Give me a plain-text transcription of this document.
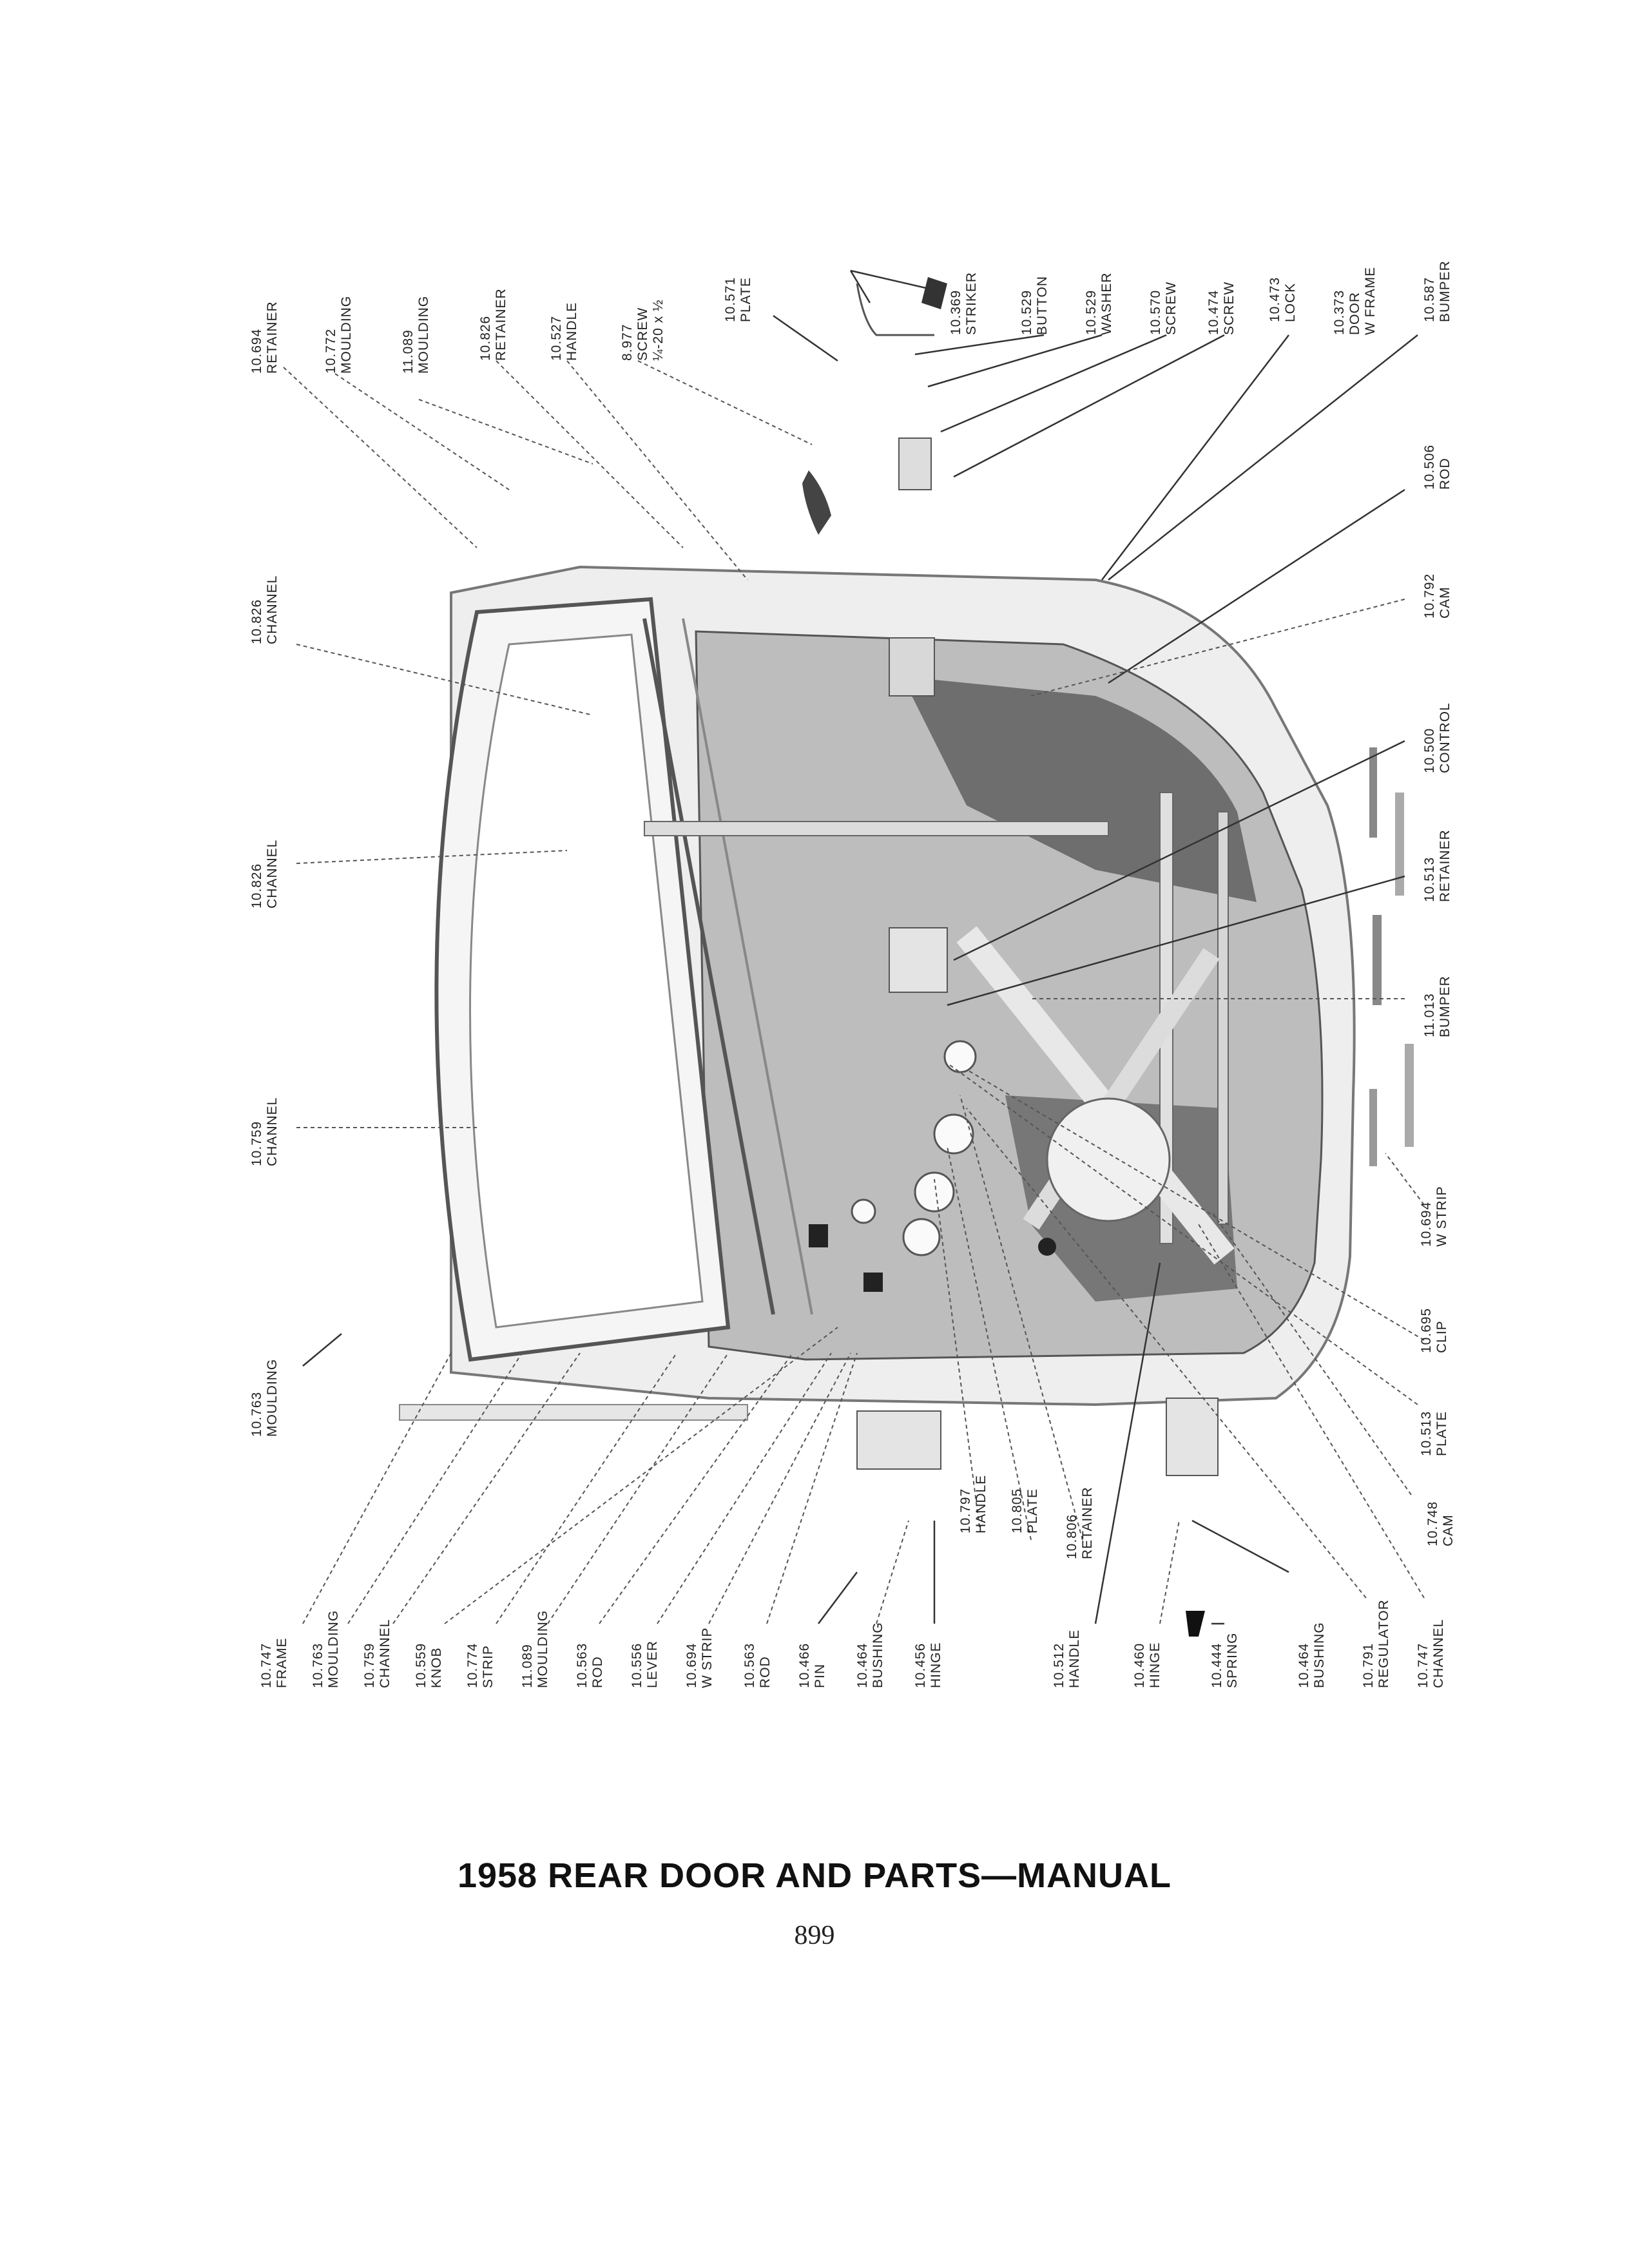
10.694RETAINER	10.772MOULDING	11.089MOULDING	10.826RETAINER	10.527HANDLE	8.977SCREW¼-20 x ½	10.571PLATE	10.369STRIKER	10.529BUTTON	10.529WASHER	10.570SCREW 10.474SCREW 10.473LOCK	10.373DOORW FRAME	10.587BUMPER
10.506ROD
10.792CAM
10.500CONTROL
10.513RETAINER
11.013BUMPER
10.694W STRIP
10.695CLIP
10.513PLATE
10.748CAM
10.826CHANNEL
10.826CHANNEL
10.759CHANNEL
10.763MOULDING
10.747FRAME 10.763MOULDING 10.759CHANNEL 10.559KNOB 10.774STRIP 11.089MOULDING 10.563ROD 10.556LEVER 10.694W STRIP 10.563ROD 10.466PIN 10.464BUSHING 10.456HINGE
10.797HANDLE 10.805PLATE
10.806RETAINER
10.512HANDLE	10.460HINGE	10.444SPRING	10.464BUSHING	10.791REGULATOR 10.747CHANNEL
1958 REAR DOOR AND PARTS—MANUAL
899
